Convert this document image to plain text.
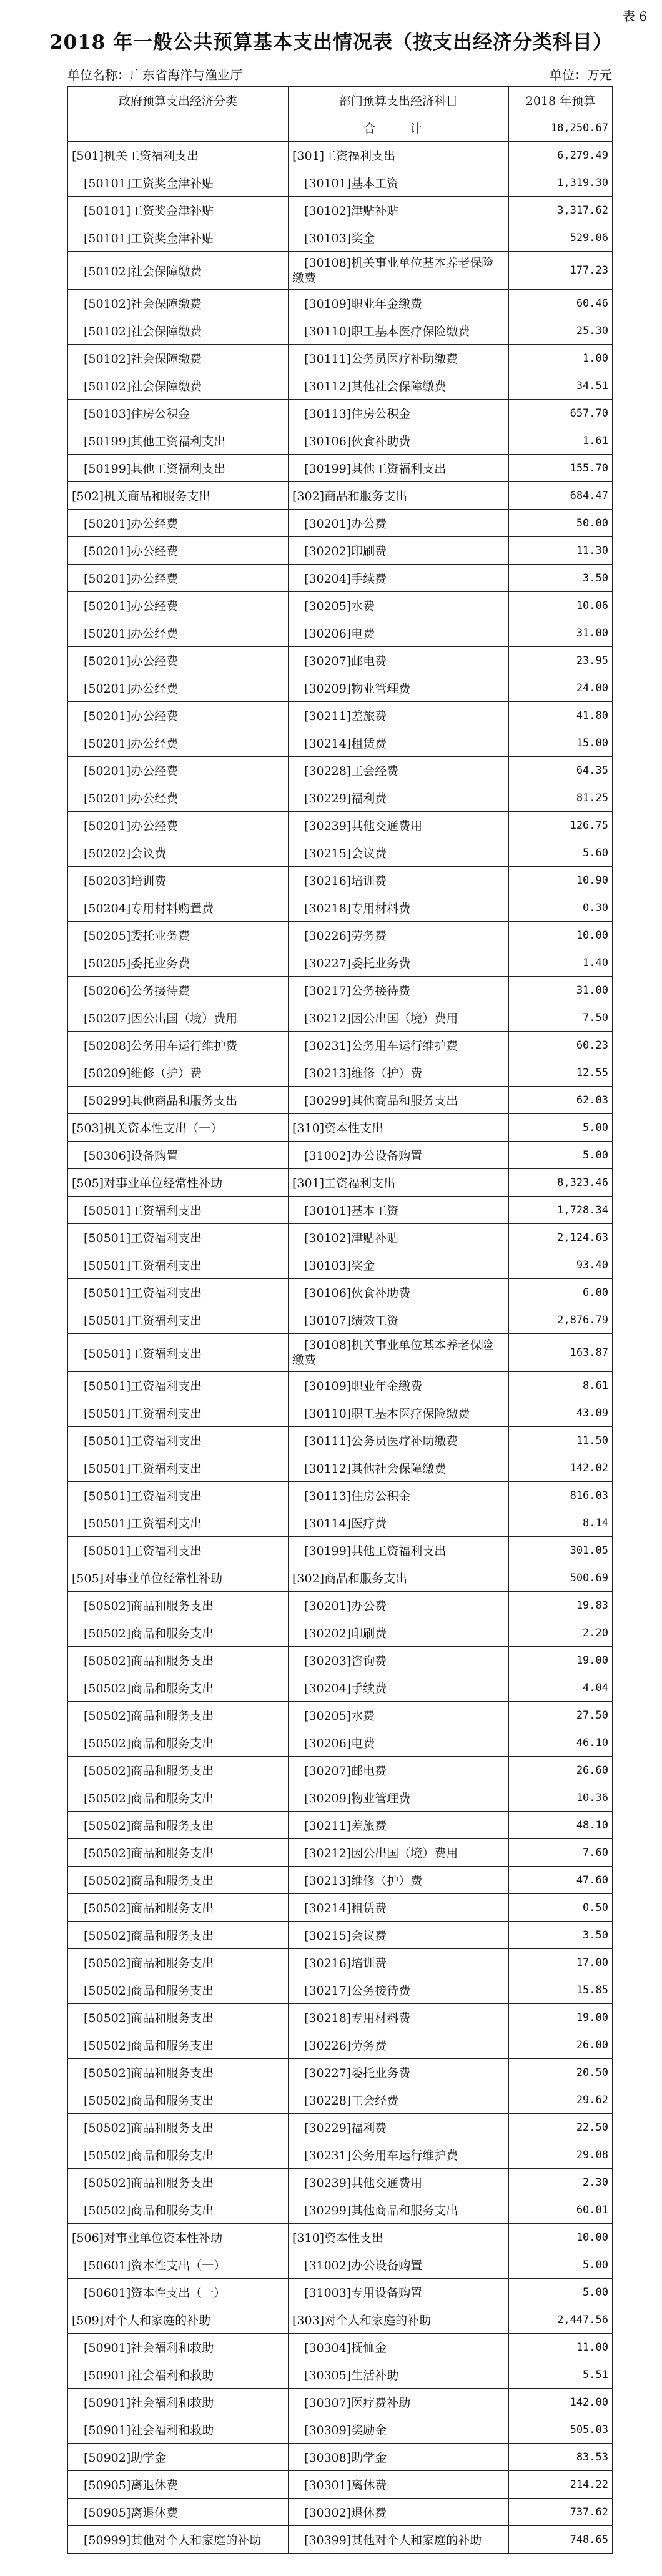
表 6
2018 年一般公共预算基本支出情况表（按支出经济分类科目）
单位名称：广东省海洋与渔业厅	单位：万元
政府预算支出经济分类	部门预算支出经济科目	2018 年预算
	合　计	18,250.67
[501]机关工资福利支出	[301]工资福利支出	6,279.49
　[50101]工资奖金津补贴	　[30101]基本工资	1,319.30
　[50101]工资奖金津补贴	　[30102]津贴补贴	3,317.62
　[50101]工资奖金津补贴	　[30103]奖金	529.06
　[50102]社会保障缴费	　[30108]机关事业单位基本养老保险缴费	177.23
　[50102]社会保障缴费	　[30109]职业年金缴费	60.46
　[50102]社会保障缴费	　[30110]职工基本医疗保险缴费	25.30
　[50102]社会保障缴费	　[30111]公务员医疗补助缴费	1.00
　[50102]社会保障缴费	　[30112]其他社会保障缴费	34.51
　[50103]住房公积金	　[30113]住房公积金	657.70
　[50199]其他工资福利支出	　[30106]伙食补助费	1.61
　[50199]其他工资福利支出	　[30199]其他工资福利支出	155.70
[502]机关商品和服务支出	[302]商品和服务支出	684.47
　[50201]办公经费	　[30201]办公费	50.00
　[50201]办公经费	　[30202]印刷费	11.30
　[50201]办公经费	　[30204]手续费	3.50
　[50201]办公经费	　[30205]水费	10.06
　[50201]办公经费	　[30206]电费	31.00
　[50201]办公经费	　[30207]邮电费	23.95
　[50201]办公经费	　[30209]物业管理费	24.00
　[50201]办公经费	　[30211]差旅费	41.80
　[50201]办公经费	　[30214]租赁费	15.00
　[50201]办公经费	　[30228]工会经费	64.35
　[50201]办公经费	　[30229]福利费	81.25
　[50201]办公经费	　[30239]其他交通费用	126.75
　[50202]会议费	　[30215]会议费	5.60
　[50203]培训费	　[30216]培训费	10.90
　[50204]专用材料购置费	　[30218]专用材料费	0.30
　[50205]委托业务费	　[30226]劳务费	10.00
　[50205]委托业务费	　[30227]委托业务费	1.40
　[50206]公务接待费	　[30217]公务接待费	31.00
　[50207]因公出国（境）费用	　[30212]因公出国（境）费用	7.50
　[50208]公务用车运行维护费	　[30231]公务用车运行维护费	60.23
　[50209]维修（护）费	　[30213]维修（护）费	12.55
　[50299]其他商品和服务支出	　[30299]其他商品和服务支出	62.03
[503]机关资本性支出（一）	[310]资本性支出	5.00
　[50306]设备购置	　[31002]办公设备购置	5.00
[505]对事业单位经常性补助	[301]工资福利支出	8,323.46
　[50501]工资福利支出	　[30101]基本工资	1,728.34
　[50501]工资福利支出	　[30102]津贴补贴	2,124.63
　[50501]工资福利支出	　[30103]奖金	93.40
　[50501]工资福利支出	　[30106]伙食补助费	6.00
　[50501]工资福利支出	　[30107]绩效工资	2,876.79
　[50501]工资福利支出	　[30108]机关事业单位基本养老保险缴费	163.87
　[50501]工资福利支出	　[30109]职业年金缴费	8.61
　[50501]工资福利支出	　[30110]职工基本医疗保险缴费	43.09
　[50501]工资福利支出	　[30111]公务员医疗补助缴费	11.50
　[50501]工资福利支出	　[30112]其他社会保障缴费	142.02
　[50501]工资福利支出	　[30113]住房公积金	816.03
　[50501]工资福利支出	　[30114]医疗费	8.14
　[50501]工资福利支出	　[30199]其他工资福利支出	301.05
[505]对事业单位经常性补助	[302]商品和服务支出	500.69
　[50502]商品和服务支出	　[30201]办公费	19.83
　[50502]商品和服务支出	　[30202]印刷费	2.20
　[50502]商品和服务支出	　[30203]咨询费	19.00
　[50502]商品和服务支出	　[30204]手续费	4.04
　[50502]商品和服务支出	　[30205]水费	27.50
　[50502]商品和服务支出	　[30206]电费	46.10
　[50502]商品和服务支出	　[30207]邮电费	26.60
　[50502]商品和服务支出	　[30209]物业管理费	10.36
　[50502]商品和服务支出	　[30211]差旅费	48.10
　[50502]商品和服务支出	　[30212]因公出国（境）费用	7.60
　[50502]商品和服务支出	　[30213]维修（护）费	47.60
　[50502]商品和服务支出	　[30214]租赁费	0.50
　[50502]商品和服务支出	　[30215]会议费	3.50
　[50502]商品和服务支出	　[30216]培训费	17.00
　[50502]商品和服务支出	　[30217]公务接待费	15.85
　[50502]商品和服务支出	　[30218]专用材料费	19.00
　[50502]商品和服务支出	　[30226]劳务费	26.00
　[50502]商品和服务支出	　[30227]委托业务费	20.50
　[50502]商品和服务支出	　[30228]工会经费	29.62
　[50502]商品和服务支出	　[30229]福利费	22.50
　[50502]商品和服务支出	　[30231]公务用车运行维护费	29.08
　[50502]商品和服务支出	　[30239]其他交通费用	2.30
　[50502]商品和服务支出	　[30299]其他商品和服务支出	60.01
[506]对事业单位资本性补助	[310]资本性支出	10.00
　[50601]资本性支出（一）	　[31002]办公设备购置	5.00
　[50601]资本性支出（一）	　[31003]专用设备购置	5.00
[509]对个人和家庭的补助	[303]对个人和家庭的补助	2,447.56
　[50901]社会福利和救助	　[30304]抚恤金	11.00
　[50901]社会福利和救助	　[30305]生活补助	5.51
　[50901]社会福利和救助	　[30307]医疗费补助	142.00
　[50901]社会福利和救助	　[30309]奖励金	505.03
　[50902]助学金	　[30308]助学金	83.53
　[50905]离退休费	　[30301]离休费	214.22
　[50905]离退休费	　[30302]退休费	737.62
　[50999]其他对个人和家庭的补助	　[30399]其他对个人和家庭的补助	748.65
